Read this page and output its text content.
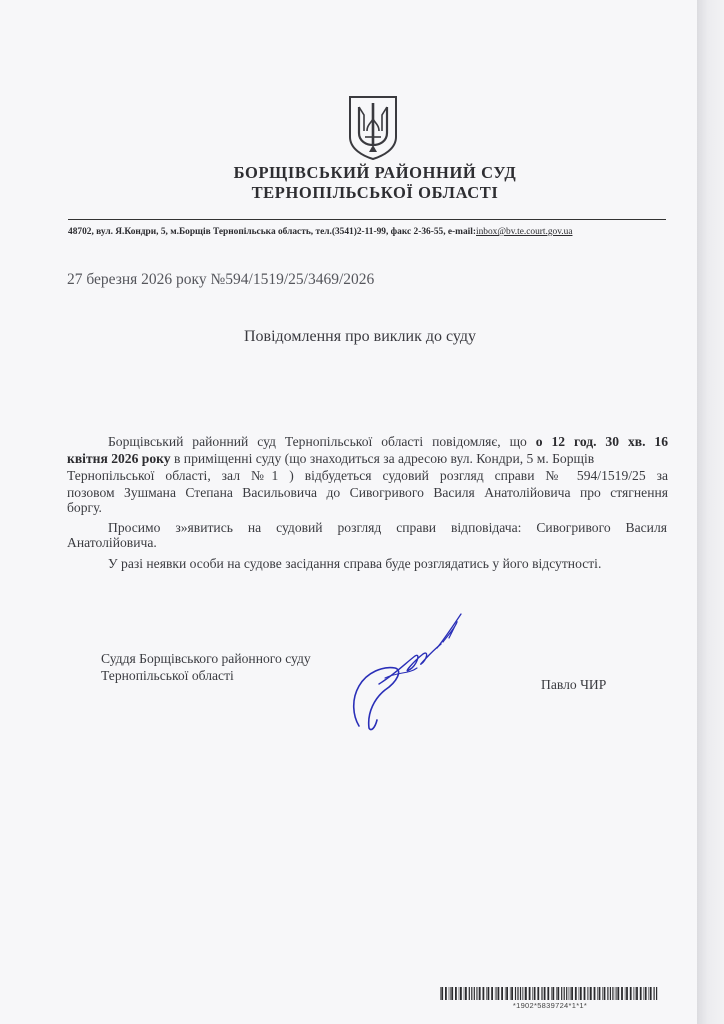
БОРЩІВСЬКИЙ РАЙОННИЙ СУД
ТЕРНОПІЛЬСЬКОЇ ОБЛАСТІ
48702, вул. Я.Кондри, 5, м.Борщів Тернопільська область, тел.(3541)2-11-99, факс 2-36-55, e-mail:inbox@bv.te.court.gov.ua
27 березня 2026 року №594/1519/25/3469/2026
Повідомлення про виклик до суду
Борщівський районний суд Тернопільської області повідомляє, що о 12 год. 30 хв. 16
квітня 2026 року в приміщенні суду (що знаходиться за адресою вул. Кондри, 5 м. Борщів
Тернопільської області, зал №1 ) відбудеться судовий розгляд справи № 594/1519/25 за
позовом Зушмана Степана Васильовича до Сивогривого Василя Анатолійовича про стягнення
боргу.
Просимо з»явитись на судовий розгляд справи відповідача: Сивогривого Василя
Анатолійовича.
У разі неявки особи на судове засідання справа буде розглядатись у його відсутності.
Суддя Борщівського районного суду
Тернопільської області
Павло ЧИР
*1902*5839724*1*1*
